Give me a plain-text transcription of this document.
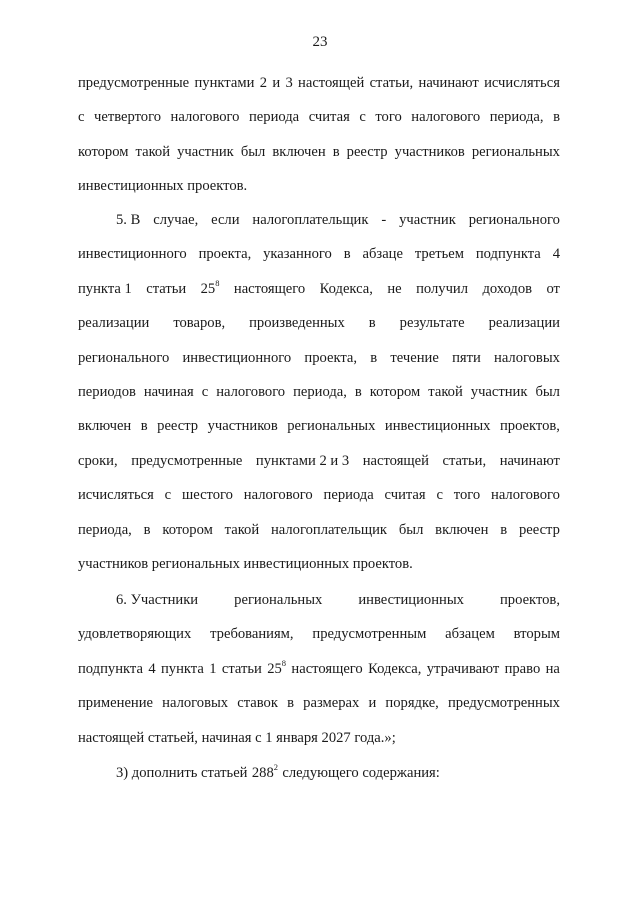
23
предусмотренные пунктами 2 и 3 настоящей статьи, начинают исчисляться
с четвертого налогового периода считая с того налогового периода, в
котором такой участник был включен в реестр участников региональных
инвестиционных проектов.
5. В случае, если налогоплательщик - участник регионального
инвестиционного проекта, указанного в абзаце третьем подпункта 4
пункта 1 статьи $25^8$ настоящего Кодекса, не получил доходов от
реализации товаров, произведенных в результате реализации
регионального инвестиционного проекта, в течение пяти налоговых
периодов начиная с налогового периода, в котором такой участник был
включен в реестр участников региональных инвестиционных проектов,
сроки, предусмотренные пунктами 2 и 3 настоящей статьи, начинают
исчисляться с шестого налогового периода считая с того налогового
периода, в котором такой налогоплательщик был включен в реестр
участников региональных инвестиционных проектов.
6. Участники региональных инвестиционных проектов,
удовлетворяющих требованиям, предусмотренным абзацем вторым
подпункта 4 пункта 1 статьи $25^8$ настоящего Кодекса, утрачивают право на
применение налоговых ставок в размерах и порядке, предусмотренных
настоящей статьей, начиная с 1 января 2027 года.»;
3) дополнить статьей $288^2$ следующего содержания:
